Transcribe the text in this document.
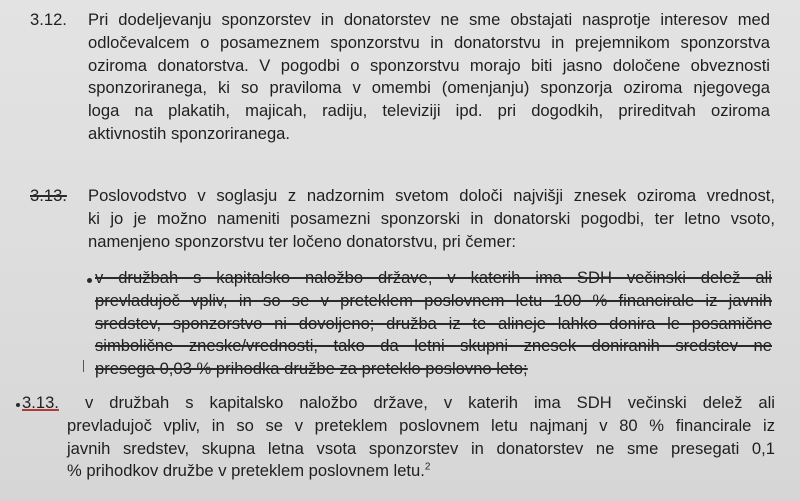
3.12. Pri dodeljevanju sponzorstev in donatorstev ne sme obstajati nasprotje interesov med
odločevalcem o posameznem sponzorstvu in donatorstvu in prejemnikom sponzorstva
oziroma donatorstva. V pogodbi o sponzorstvu morajo biti jasno določene obveznosti
sponzoriranega, ki so praviloma v omembi (omenjanju) sponzorja oziroma njegovega
loga na plakatih, majicah, radiju, televiziji ipd. pri dogodkih, prireditvah oziroma
aktivnostih sponzoriranega.
3.13. Poslovodstvo v soglasju z nadzornim svetom določi najvišji znesek oziroma vrednost,
ki jo je možno nameniti posamezni sponzorski in donatorski pogodbi, ter letno vsoto,
namenjeno sponzorstvu ter ločeno donatorstvu, pri čemer:
v družbah s kapitalsko naložbo države, v katerih ima SDH večinski delež ali
prevladujoč vpliv, in so se v preteklem poslovnem letu 100 % financirale iz javnih
sredstev, sponzorstvo ni dovoljeno; družba iz te alineje lahko donira le posamične
simbolične zneske/vrednosti, tako da letni skupni znesek doniranih sredstev ne
presega 0,03 % prihodka družbe za preteklo poslovno leto;
3.13. v družbah s kapitalsko naložbo države, v katerih ima SDH večinski delež ali
prevladujoč vpliv, in so se v preteklem poslovnem letu najmanj v 80 % financirale iz
javnih sredstev, skupna letna vsota sponzorstev in donatorstev ne sme presegati 0,1
% prihodkov družbe v preteklem poslovnem letu.$^2$
